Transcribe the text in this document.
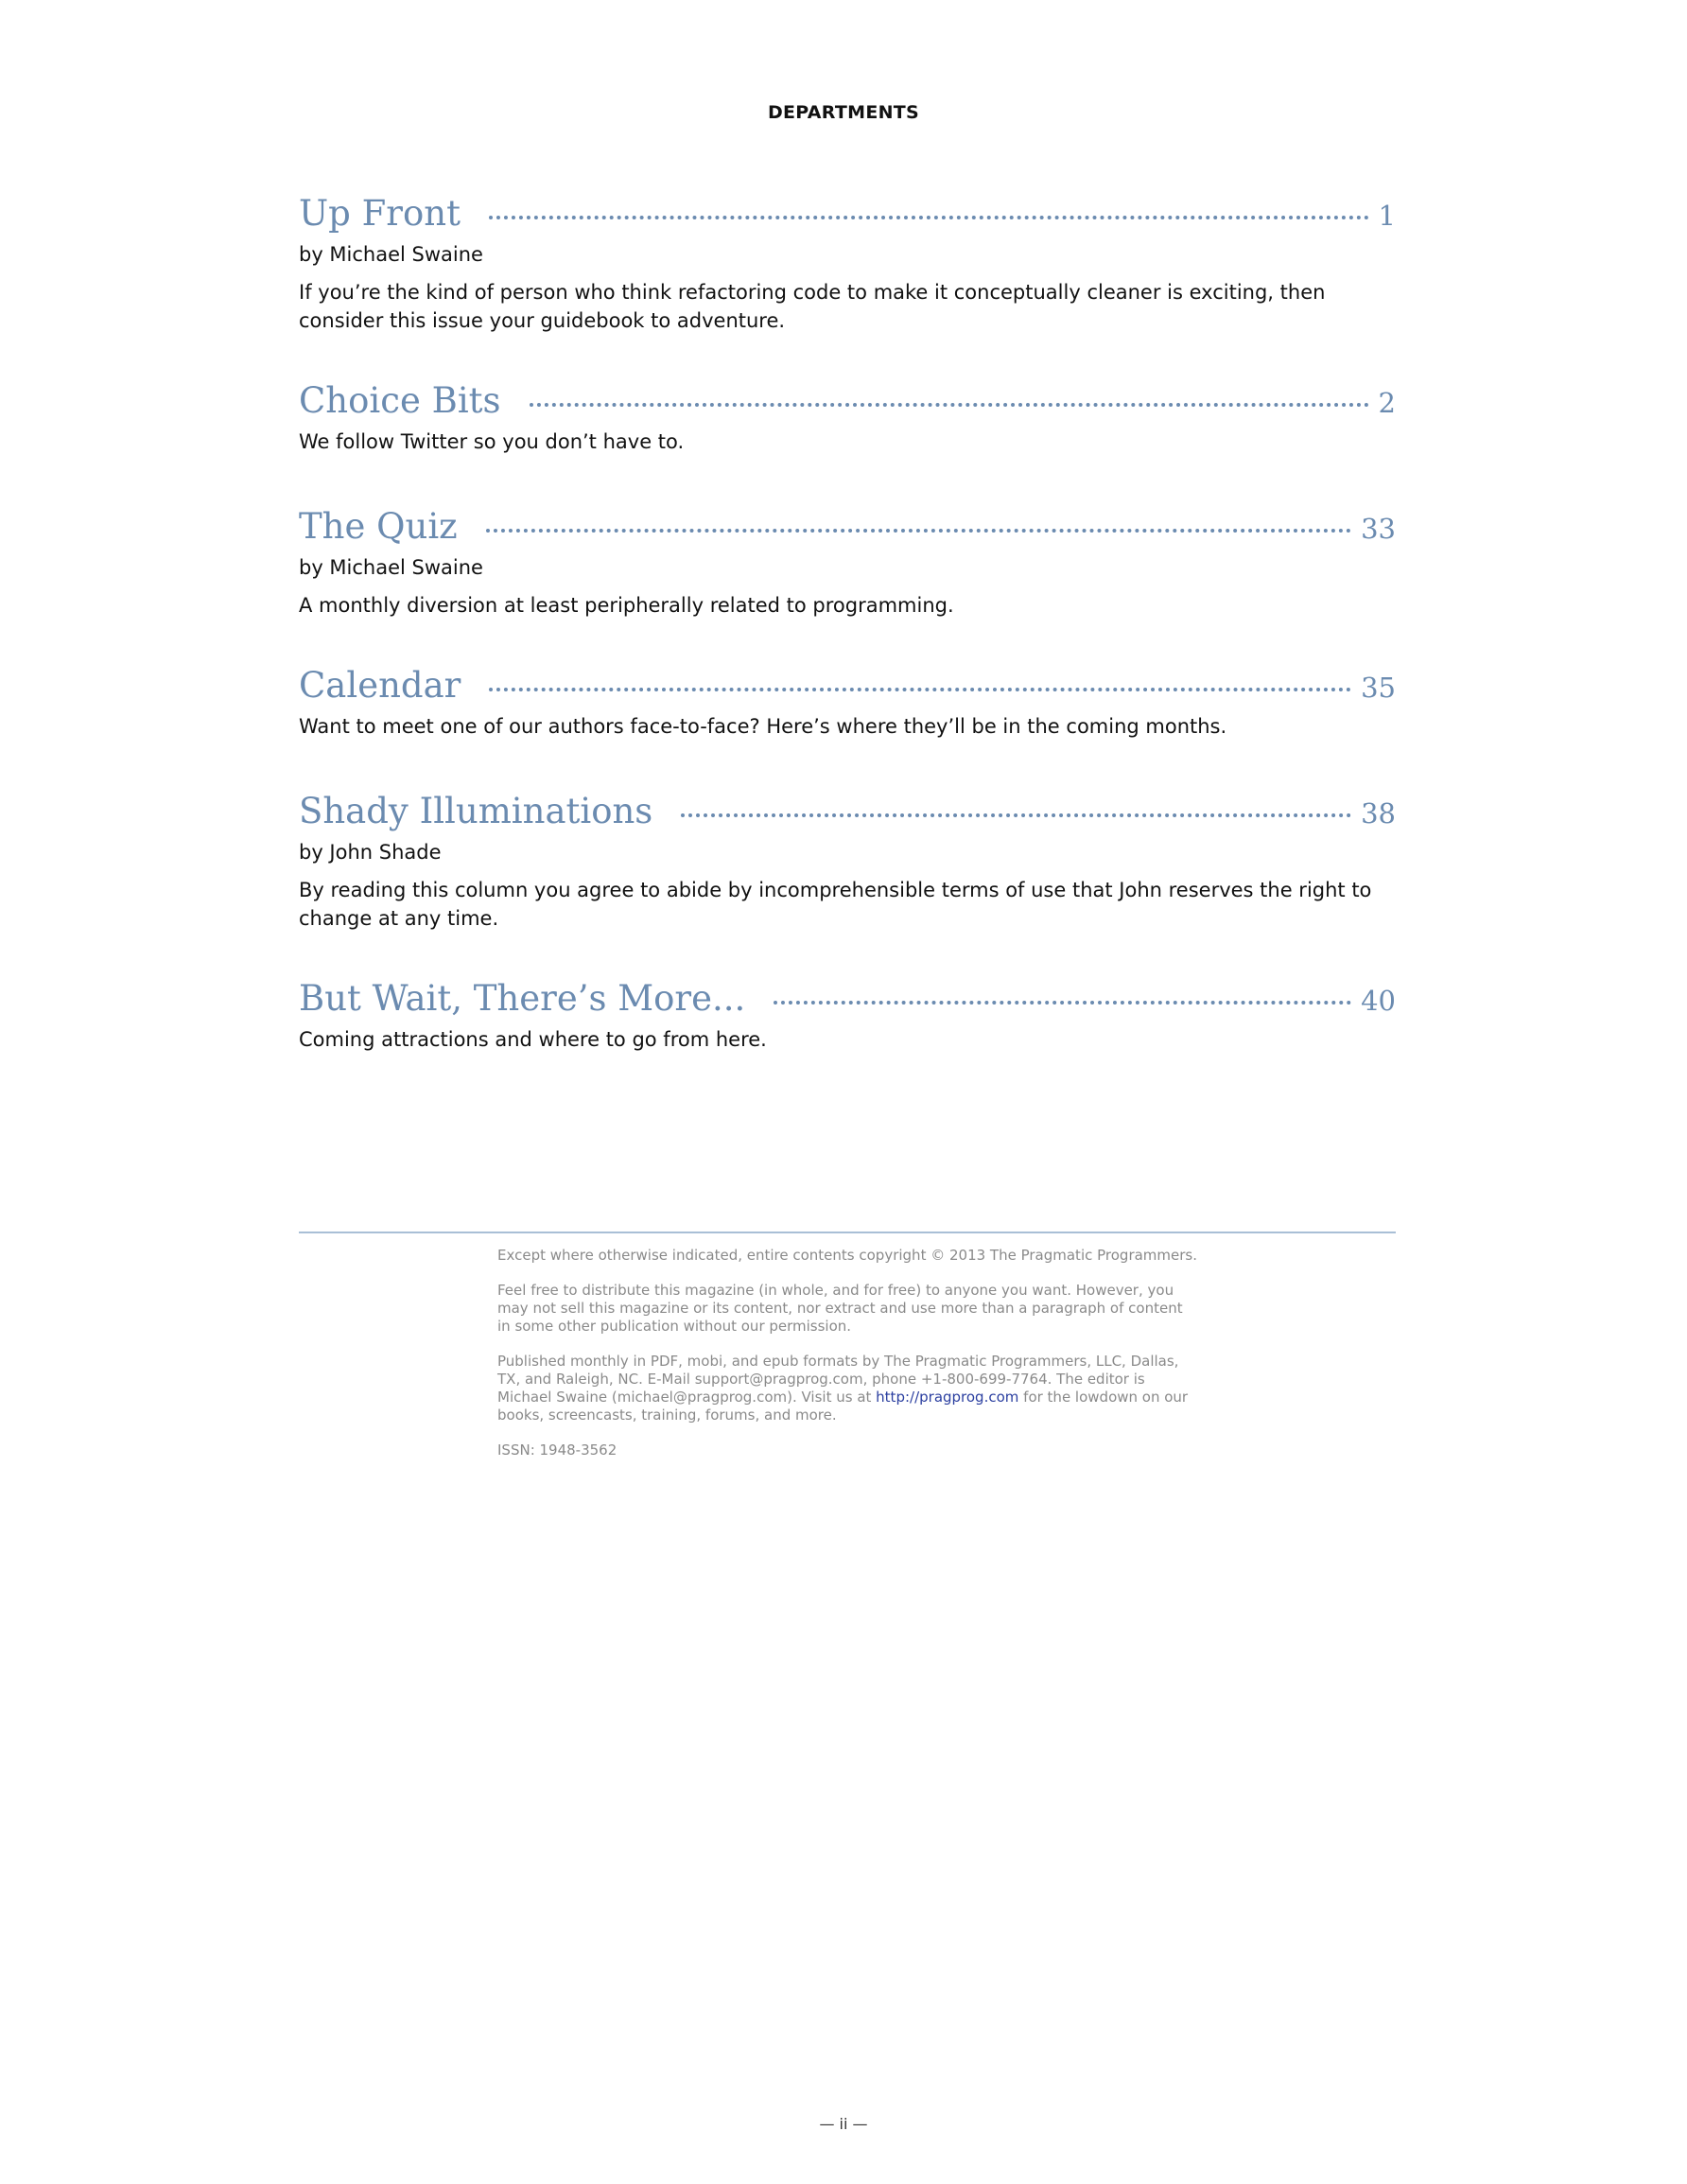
DEPARTMENTS
Up Front	1
by Michael Swaine
If you’re the kind of person who think refactoring code to make it conceptually cleaner is exciting, then consider this issue your guidebook to adventure.
Choice Bits	2
We follow Twitter so you don’t have to.
The Quiz	33
by Michael Swaine
A monthly diversion at least peripherally related to programming.
Calendar	35
Want to meet one of our authors face-to-face? Here’s where they’ll be in the coming months.
Shady Illuminations	38
by John Shade
By reading this column you agree to abide by incomprehensible terms of use that John reserves the right to change at any time.
But Wait, There’s More...	40
Coming attractions and where to go from here.

Except where otherwise indicated, entire contents copyright © 2013 The Pragmatic Programmers.

Feel free to distribute this magazine (in whole, and for free) to anyone you want. However, you may not sell this magazine or its content, nor extract and use more than a paragraph of content in some other publication without our permission.

Published monthly in PDF, mobi, and epub formats by The Pragmatic Programmers, LLC, Dallas, TX, and Raleigh, NC. E-Mail support@pragprog.com, phone +1-800-699-7764. The editor is Michael Swaine (michael@pragprog.com). Visit us at http://pragprog.com for the lowdown on our books, screencasts, training, forums, and more.

ISSN: 1948-3562

— ii —
